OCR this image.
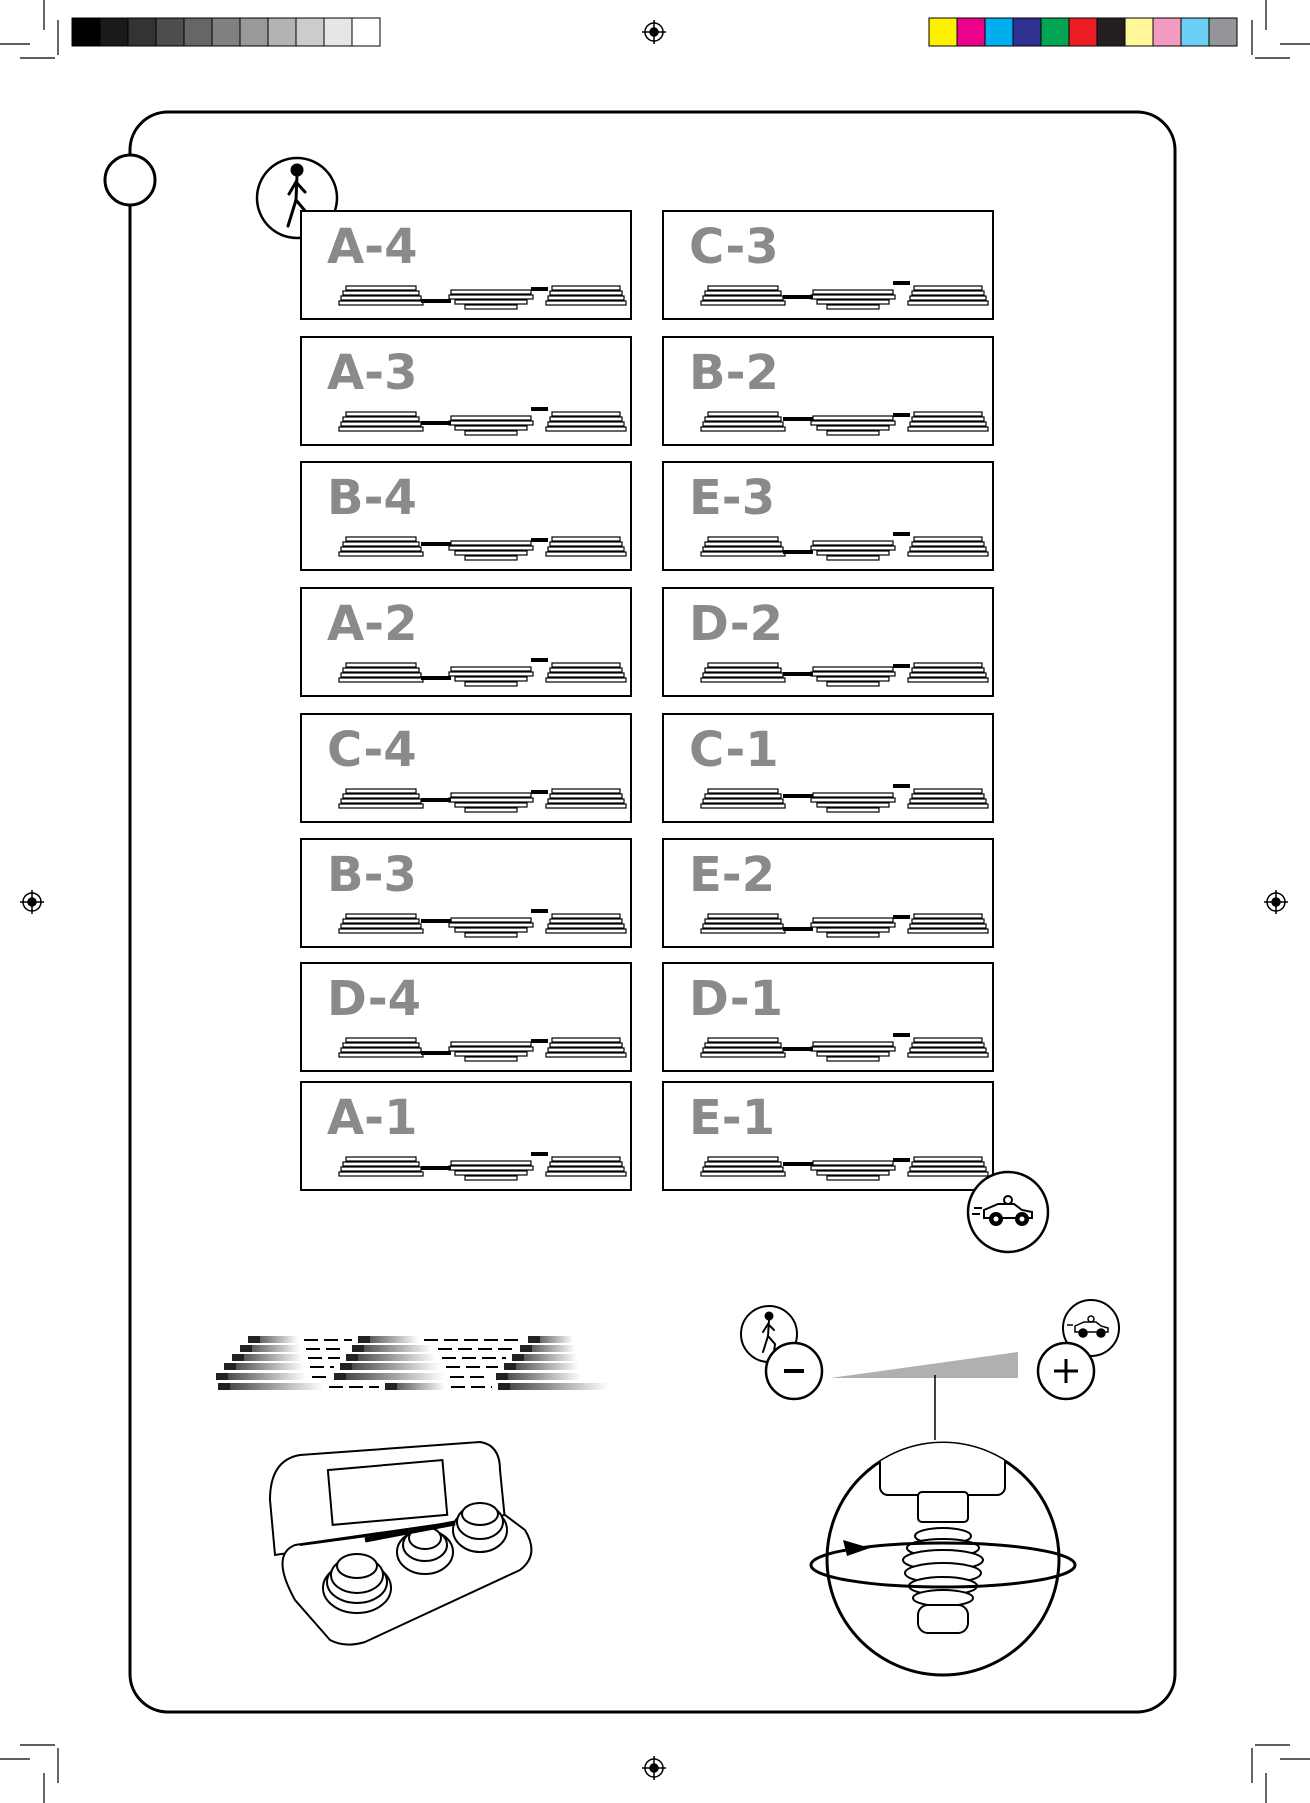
A-4
A-3
B-4
A-2
C-4
B-3
D-4
A-1
C-3
B-2
E-3
D-2
C-1
E-2
D-1
E-1
